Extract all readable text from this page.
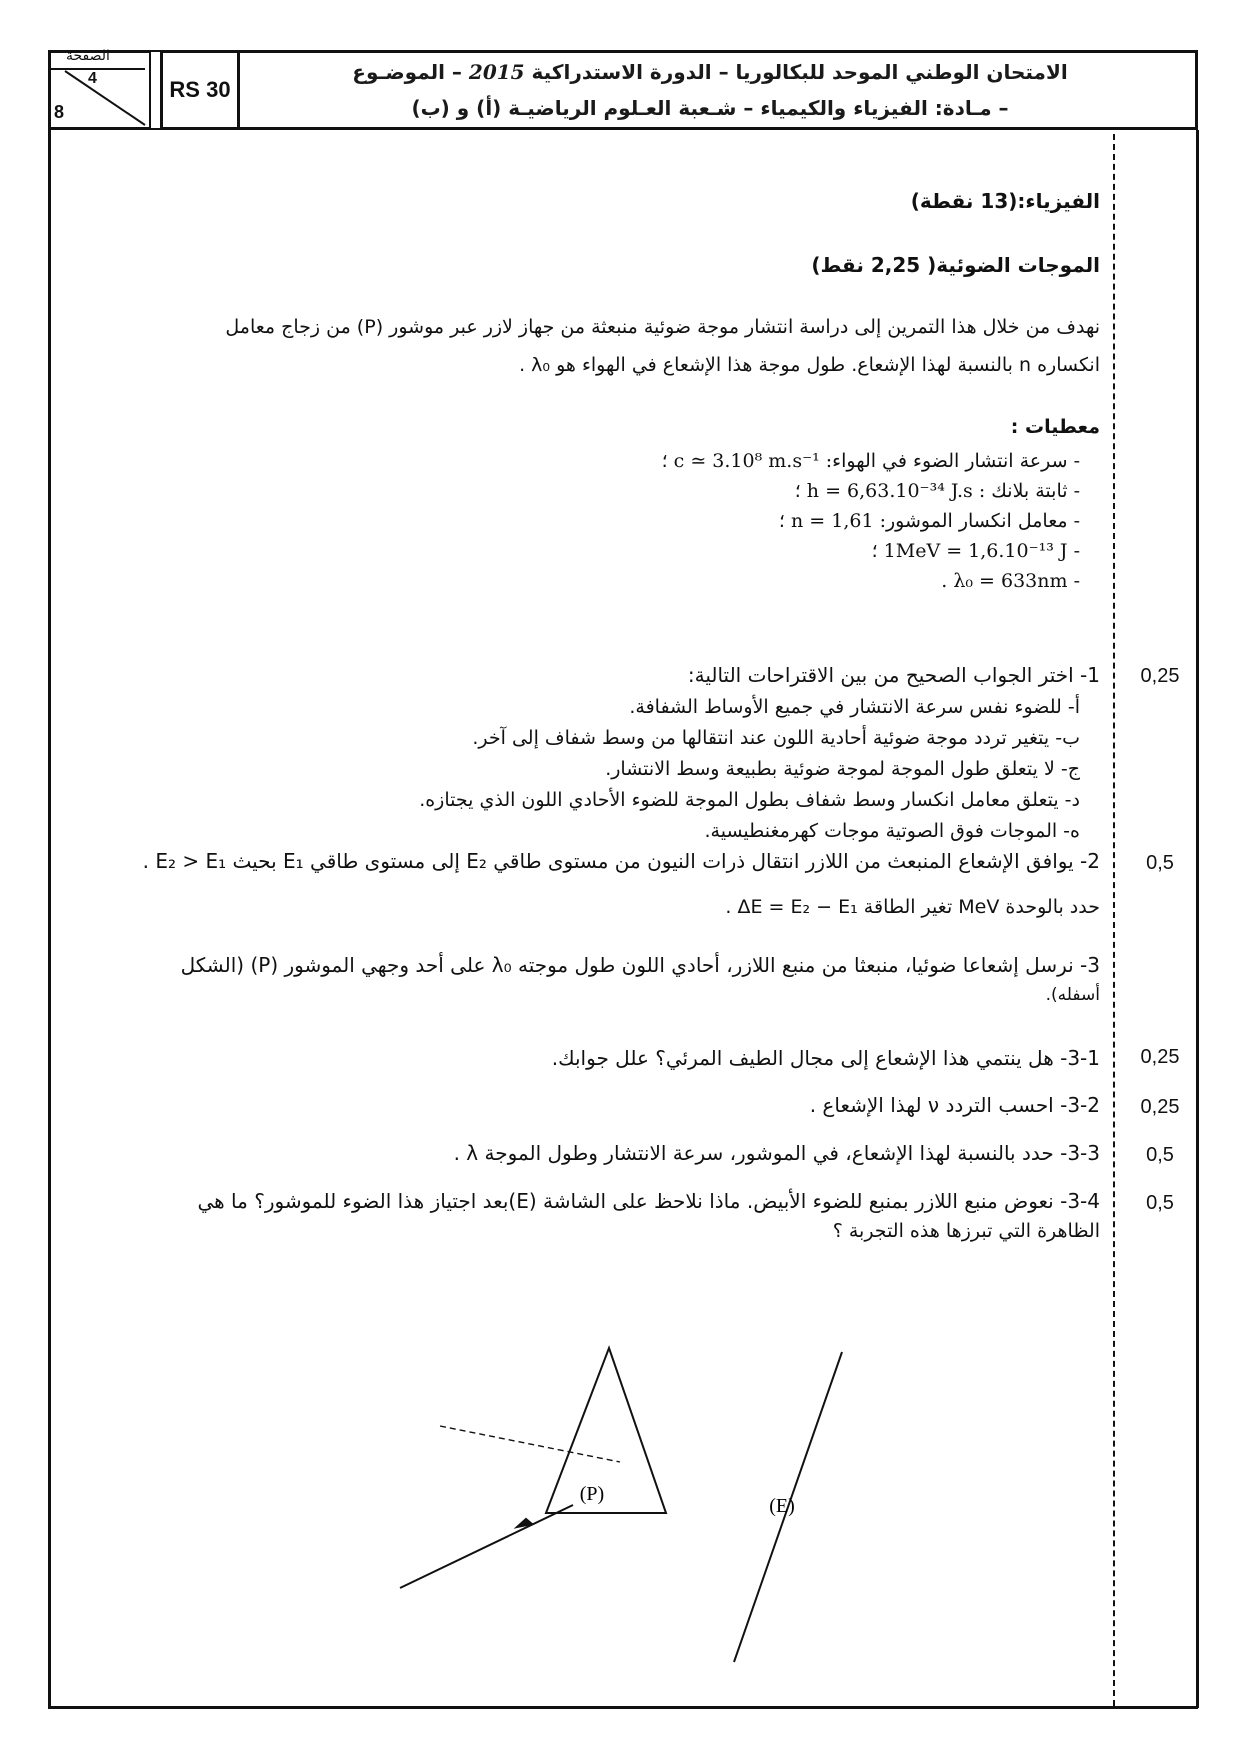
الصفحة
4
8
RS 30
الامتحان الوطني الموحد للبكالوريا – الدورة الاستدراكية 2015 – الموضـوع
– مـادة: الفيزياء والكيمياء – شـعبة العـلوم الرياضيـة (أ) و (ب)
الفيزياء:(13 نقطة)
الموجات الضوئية( 2,25 نقط)
نهدف من خلال هذا التمرين إلى دراسة انتشار موجة ضوئية منبعثة من جهاز لازر عبر موشور (P) من زجاج معامل
انكساره n بالنسبة لهذا الإشعاع. طول موجة هذا الإشعاع في الهواء هو λ₀ .
معطيات :
- سرعة انتشار الضوء في الهواء: c ≃ 3.10⁸ m.s⁻¹ ؛
- ثابتة بلانك : h = 6,63.10⁻³⁴ J.s ؛
- معامل انكسار الموشور: n = 1,61 ؛
- 1MeV = 1,6.10⁻¹³ J ؛
- λ₀ = 633nm .
0,25
1- اختر الجواب الصحيح من بين الاقتراحات التالية:
أ- للضوء نفس سرعة الانتشار في جميع الأوساط الشفافة.
ب- يتغير تردد موجة ضوئية أحادية اللون عند انتقالها من وسط شفاف إلى آخر.
ج- لا يتعلق طول الموجة لموجة ضوئية بطبيعة وسط الانتشار.
د- يتعلق معامل انكسار وسط شفاف بطول الموجة للضوء الأحادي اللون الذي يجتازه.
ه- الموجات فوق الصوتية موجات كهرمغنطيسية.
0,5
2- يوافق الإشعاع المنبعث من اللازر انتقال ذرات النيون من مستوى طاقي E₂ إلى مستوى طاقي E₁ بحيث E₂ > E₁ .
حدد بالوحدة MeV تغير الطاقة ΔE = E₂ − E₁ .
3- نرسل إشعاعا ضوئيا، منبعثا من منبع اللازر، أحادي اللون طول موجته λ₀ على أحد وجهي الموشور (P) (الشكل
أسفله).
0,25
3-1- هل ينتمي هذا الإشعاع إلى مجال الطيف المرئي؟ علل جوابك.
0,25
3-2- احسب التردد ν لهذا الإشعاع .
0,5
3-3- حدد بالنسبة لهذا الإشعاع، في الموشور، سرعة الانتشار وطول الموجة λ .
0,5
3-4- نعوض منبع اللازر بمنبع للضوء الأبيض. ماذا نلاحظ على الشاشة (E)بعد اجتياز هذا الضوء للموشور؟ ما هي
الظاهرة التي تبرزها هذه التجربة ؟
(P)
(E)
